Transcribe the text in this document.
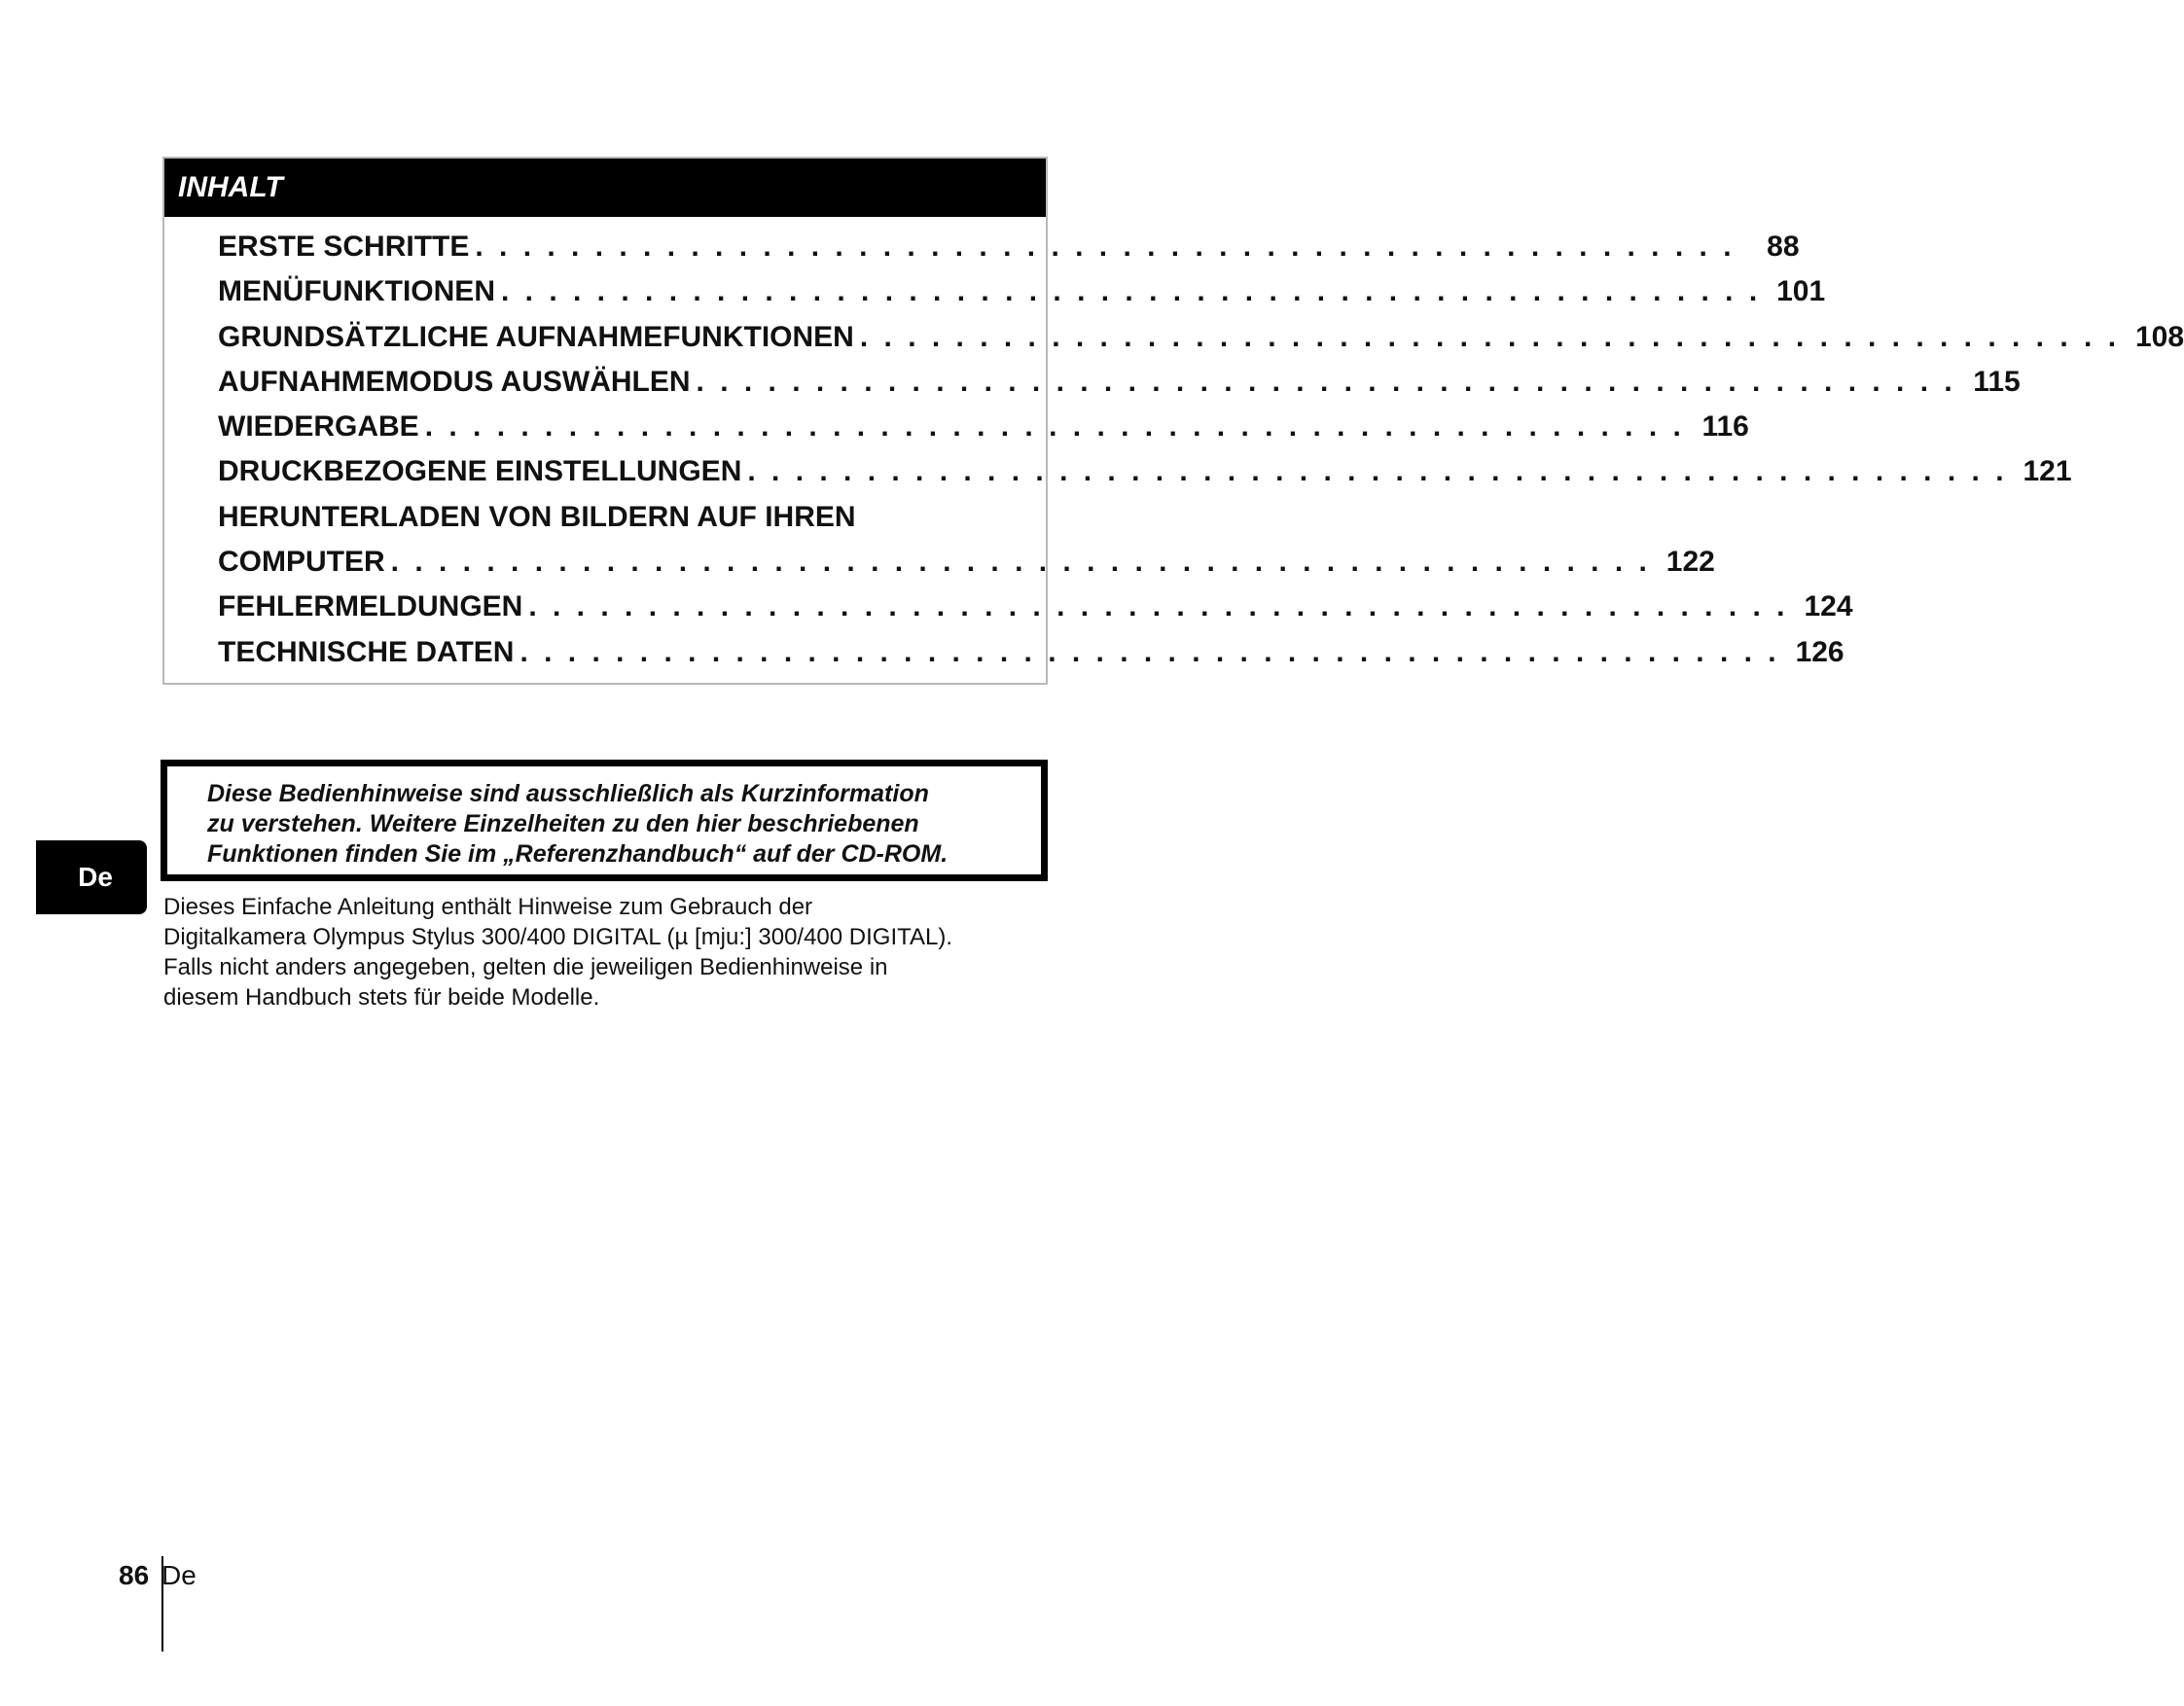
INHALT
ERSTE SCHRITTE . . . . . . . . . . . . . . . . . . . . . . . . . . . . . . . . . . . . . . . . . . . . . . . . . . . . .	88
MENÜFUNKTIONEN . . . . . . . . . . . . . . . . . . . . . . . . . . . . . . . . . . . . . . . . . . . . . . . . . . . . . 101
GRUNDSÄTZLICHE AUFNAHMEFUNKTIONEN . . . . . . . . . . . . . . . . . . . . . . . . . . . . . . . . . . . . . . . . . . . . . . . . . . . . . 108
AUFNAHMEMODUS AUSWÄHLEN . . . . . . . . . . . . . . . . . . . . . . . . . . . . . . . . . . . . . . . . . . . . . . . . . . . . . 115
WIEDERGABE . . . . . . . . . . . . . . . . . . . . . . . . . . . . . . . . . . . . . . . . . . . . . . . . . . . . . 116
DRUCKBEZOGENE EINSTELLUNGEN . . . . . . . . . . . . . . . . . . . . . . . . . . . . . . . . . . . . . . . . . . . . . . . . . . . . . 121
HERUNTERLADEN VON BILDERN AUF IHREN
COMPUTER . . . . . . . . . . . . . . . . . . . . . . . . . . . . . . . . . . . . . . . . . . . . . . . . . . . . . 122
FEHLERMELDUNGEN . . . . . . . . . . . . . . . . . . . . . . . . . . . . . . . . . . . . . . . . . . . . . . . . . . . . . 124
TECHNISCHE DATEN . . . . . . . . . . . . . . . . . . . . . . . . . . . . . . . . . . . . . . . . . . . . . . . . . . . . . 126
Diese Bedienhinweise sind ausschließlich als Kurzinformation
zu verstehen. Weitere Einzelheiten zu den hier beschriebenen
Funktionen finden Sie im „Referenzhandbuch“ auf der CD-ROM.
De
Dieses Einfache Anleitung enthält Hinweise zum Gebrauch der
Digitalkamera Olympus Stylus 300/400 DIGITAL (µ [mju:] 300/400 DIGITAL).
Falls nicht anders angegeben, gelten die jeweiligen Bedienhinweise in
diesem Handbuch stets für beide Modelle.
86 De
